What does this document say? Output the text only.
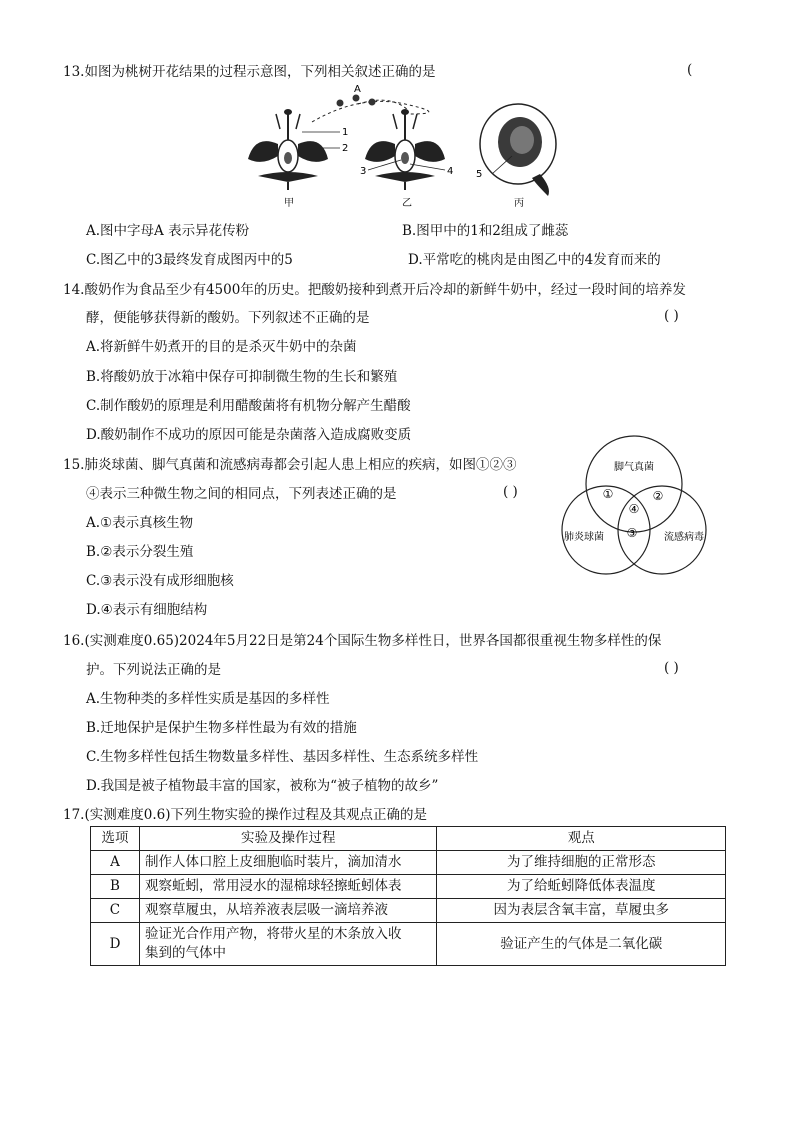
13.如图为桃树开花结果的过程示意图，下列相关叙述正确的是	(
A
1
2
甲
3	4
乙
5
丙
A.图中字母A 表示异花传粉	B.图甲中的1和2组成了雌蕊
C.图乙中的3最终发育成图丙中的5	D.平常吃的桃肉是由图乙中的4发育而来的
14.酸奶作为食品至少有4500年的历史。把酸奶接种到煮开后冷却的新鲜牛奶中，经过一段时间的培养发
酵，便能够获得新的酸奶。下列叙述不正确的是	( )
A.将新鲜牛奶煮开的目的是杀灭牛奶中的杂菌
B.将酸奶放于冰箱中保存可抑制微生物的生长和繁殖
C.制作酸奶的原理是利用醋酸菌将有机物分解产生醋酸
D.酸奶制作不成功的原因可能是杂菌落入造成腐败变质
15.肺炎球菌、脚气真菌和流感病毒都会引起人患上相应的疾病，如图①②③
④表示三种微生物之间的相同点，下列表述正确的是	( )
A.①表示真核生物
B.②表示分裂生殖
C.③表示没有成形细胞核
D.④表示有细胞结构
脚气真菌
肺炎球菌	流感病毒
①	②
③
④
16.(实测难度0.65)2024年5月22日是第24个国际生物多样性日，世界各国都很重视生物多样性的保
护。下列说法正确的是	( )
A.生物种类的多样性实质是基因的多样性
B.迁地保护是保护生物多样性最为有效的措施
C.生物多样性包括生物数量多样性、基因多样性、生态系统多样性
D.我国是被子植物最丰富的国家，被称为“被子植物的故乡”
17.(实测难度0.6)下列生物实验的操作过程及其观点正确的是
选项	实验及操作过程	观点
A	制作人体口腔上皮细胞临时装片，滴加清水	为了维持细胞的正常形态
B	观察蚯蚓，常用浸水的湿棉球轻擦蚯蚓体表	为了给蚯蚓降低体表温度
C	观察草履虫，从培养液表层吸一滴培养液	因为表层含氧丰富，草履虫多
D	验证光合作用产物，将带火星的木条放入收
集到的气体中	验证产生的气体是二氧化碳
